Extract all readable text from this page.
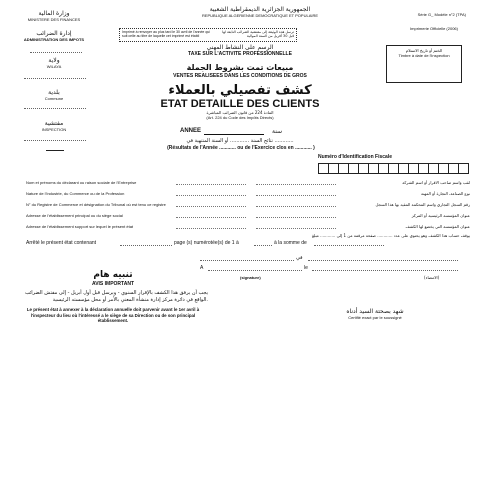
وزارة المالية
MINISTERE DES FINANCES
إدارة الضرائب
ADMINISTRATION DES IMPOTS
ولاية
WILAYA
بلدية
Commune
مفتشية
INSPECTION
الجمهورية الجزائرية الديمقراطية الشعبية
REPUBLIQUE ALGERIENNE DEMOCRATIQUE ET POPULAIRE
Imprimé à renvoyer au plus tard le 30 avril de l'année qui suit celle au titre de laquelle cet imprimé est établi
ترسل هذه الوثيقة إلى مفتشية الضرائب التابعة لها قبل 30 أفريل من السنة الموالية
Série G_ Modèle n°2 (TPA)
Imprimerie Officielle (2006)
الختم أو تاريخ الاستلام
Timbre à date de l'Inspection
الرسم على النشاط المهني
TAXE SUR L'ACTIVITE PROFESSIONNELLE
مبيعات تمت بشروط الجملة
VENTES REALISEES DANS LES CONDITIONS DE GROS
كشف تفصيلي بالعملاء
ETAT DETAILLE DES CLIENTS
المادة 224 من قانون الضرائب المباشرة
(Art. 224 du Code des Impôts Directs)
ANNEE	سنة
نتائج السنة ............ أو السنة المنتهية في ............
(Résultats de l'Année ............ ou de l'Exercice clos en ............ )
Numéro d'Identification Fiscale
Nom et prénoms du déclarant ou raison sociale de l'Entreprise	لقب واسم صاحب الاقرار أو اسم الشركة
Nature de l'Industrie, du Commerce ou de la Profession	نوع الصناعة، التجارة أو المهنة
N° du Registre de Commerce et désignation du Tribunal où est tenu ce registre	رقم السجل التجاري واسم المحكمة المقيد بها هذا السجل
Adresse de l'établissement principal ou du siège social	عنوان المؤسسة الرئيسية أو المركز
Adresse de l'établissement support sur lequel le présent état	عنوان المؤسسة التي يخضع لها الكشف
يوقف حساب هذا الكشف وهو يحتوي على عدد ............ صفحة مرقمة من 1 إلى ............ مبلغ
Arrêté le présent état contenant	page (s) numérotée(s) de 1 à	à la somme de
في
A	le
(signature)	(الامضاء)
تنبيه هام
AVIS IMPORTANT
يجب أن يرفق هذا الكشف بالإقرار السنوي - ويرسل قبل أول أبريل - إلى مفتش الضرائب الواقع في دائرة مركز إدارة منشأة المعني بالأمر أو محل مؤسسته الرئيسية.
Le présent état à annexer à la déclaration annuelle doit parvenir avant le 1er avril à l'inspecteur du lieu où l'intéressé a le siège de sa Direction ou de son principal établissement.
شهد بصحتة السيد أدناه
Certifié exact par le soussigné
